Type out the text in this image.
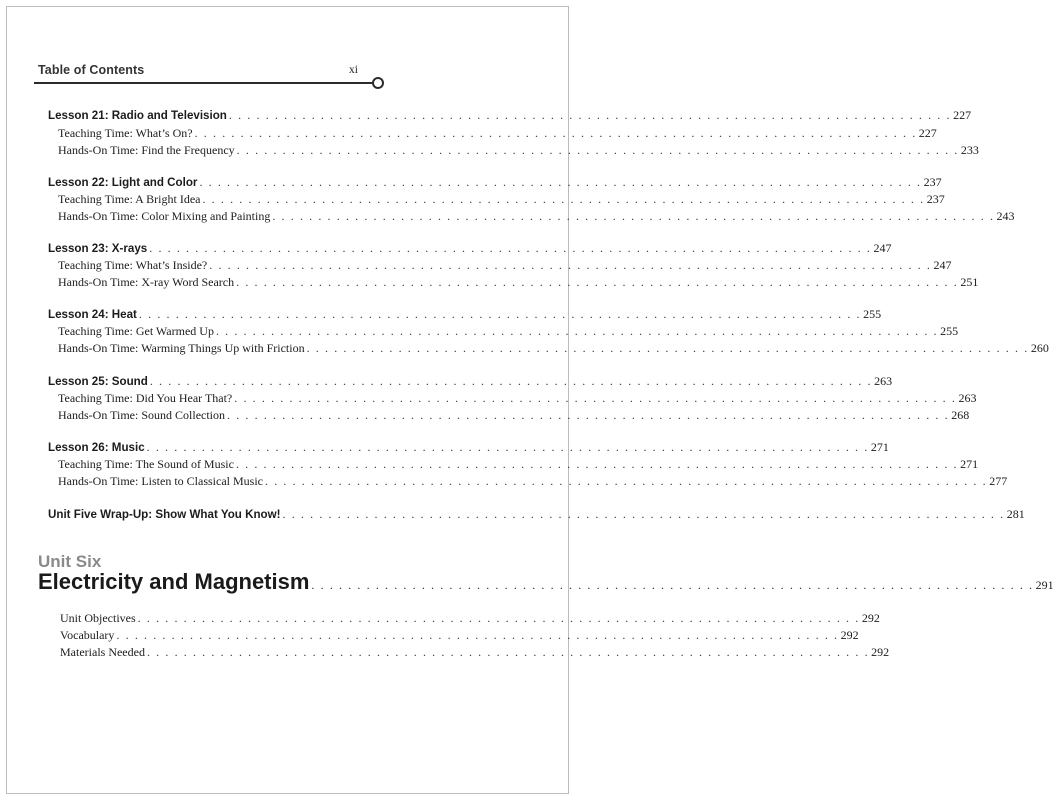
Table of Contents	xi
Lesson 21: Radio and Television . . . . . . . . . . . . . . . . . . . . . . . . . . . . . . . . . . . . . . . . . . . . . . . . . . . . . . . . . . . . . . . . . . . . . . . . . . . . . . . 227
Teaching Time: What’s On? . . . . . . . . . . . . . . . . . . . . . . . . . . . . . . . . . . . . . . . . . . . . . . . . . . . . . . . . . . . . . . . . . . . . . . . . . . . . . . . 227
Hands-On Time: Find the Frequency . . . . . . . . . . . . . . . . . . . . . . . . . . . . . . . . . . . . . . . . . . . . . . . . . . . . . . . . . . . . . . . . . . . . . . . . . . . . . . . 233
Lesson 22: Light and Color . . . . . . . . . . . . . . . . . . . . . . . . . . . . . . . . . . . . . . . . . . . . . . . . . . . . . . . . . . . . . . . . . . . . . . . . . . . . . . . 237
Teaching Time: A Bright Idea . . . . . . . . . . . . . . . . . . . . . . . . . . . . . . . . . . . . . . . . . . . . . . . . . . . . . . . . . . . . . . . . . . . . . . . . . . . . . . . 237
Hands-On Time: Color Mixing and Painting . . . . . . . . . . . . . . . . . . . . . . . . . . . . . . . . . . . . . . . . . . . . . . . . . . . . . . . . . . . . . . . . . . . . . . . . . . . . . . . 243
Lesson 23: X-rays . . . . . . . . . . . . . . . . . . . . . . . . . . . . . . . . . . . . . . . . . . . . . . . . . . . . . . . . . . . . . . . . . . . . . . . . . . . . . . . 247
Teaching Time: What’s Inside? . . . . . . . . . . . . . . . . . . . . . . . . . . . . . . . . . . . . . . . . . . . . . . . . . . . . . . . . . . . . . . . . . . . . . . . . . . . . . . . 247
Hands-On Time: X-ray Word Search . . . . . . . . . . . . . . . . . . . . . . . . . . . . . . . . . . . . . . . . . . . . . . . . . . . . . . . . . . . . . . . . . . . . . . . . . . . . . . . 251
Lesson 24: Heat . . . . . . . . . . . . . . . . . . . . . . . . . . . . . . . . . . . . . . . . . . . . . . . . . . . . . . . . . . . . . . . . . . . . . . . . . . . . . . . 255
Teaching Time: Get Warmed Up . . . . . . . . . . . . . . . . . . . . . . . . . . . . . . . . . . . . . . . . . . . . . . . . . . . . . . . . . . . . . . . . . . . . . . . . . . . . . . . 255
Hands-On Time: Warming Things Up with Friction . . . . . . . . . . . . . . . . . . . . . . . . . . . . . . . . . . . . . . . . . . . . . . . . . . . . . . . . . . . . . . . . . . . . . . . . . . . . . . . 260
Lesson 25: Sound . . . . . . . . . . . . . . . . . . . . . . . . . . . . . . . . . . . . . . . . . . . . . . . . . . . . . . . . . . . . . . . . . . . . . . . . . . . . . . . 263
Teaching Time: Did You Hear That? . . . . . . . . . . . . . . . . . . . . . . . . . . . . . . . . . . . . . . . . . . . . . . . . . . . . . . . . . . . . . . . . . . . . . . . . . . . . . . . 263
Hands-On Time: Sound Collection . . . . . . . . . . . . . . . . . . . . . . . . . . . . . . . . . . . . . . . . . . . . . . . . . . . . . . . . . . . . . . . . . . . . . . . . . . . . . . . 268
Lesson 26: Music . . . . . . . . . . . . . . . . . . . . . . . . . . . . . . . . . . . . . . . . . . . . . . . . . . . . . . . . . . . . . . . . . . . . . . . . . . . . . . . 271
Teaching Time: The Sound of Music . . . . . . . . . . . . . . . . . . . . . . . . . . . . . . . . . . . . . . . . . . . . . . . . . . . . . . . . . . . . . . . . . . . . . . . . . . . . . . . 271
Hands-On Time: Listen to Classical Music . . . . . . . . . . . . . . . . . . . . . . . . . . . . . . . . . . . . . . . . . . . . . . . . . . . . . . . . . . . . . . . . . . . . . . . . . . . . . . . 277
Unit Five Wrap-Up: Show What You Know! . . . . . . . . . . . . . . . . . . . . . . . . . . . . . . . . . . . . . . . . . . . . . . . . . . . . . . . . . . . . . . . . . . . . . . . . . . . . . . . 281
Unit Six
Electricity and Magnetism . . . . . . . . . . . . . . . . . . . . . . . . . . . . . . . . . . . . . . . . . . . . . . . . . . . . . . . . . . . . . . . . . . . . . . . . . . . . . . . 291
Unit Objectives . . . . . . . . . . . . . . . . . . . . . . . . . . . . . . . . . . . . . . . . . . . . . . . . . . . . . . . . . . . . . . . . . . . . . . . . . . . . . . . 292
Vocabulary . . . . . . . . . . . . . . . . . . . . . . . . . . . . . . . . . . . . . . . . . . . . . . . . . . . . . . . . . . . . . . . . . . . . . . . . . . . . . . . 292
Materials Needed . . . . . . . . . . . . . . . . . . . . . . . . . . . . . . . . . . . . . . . . . . . . . . . . . . . . . . . . . . . . . . . . . . . . . . . . . . . . . . . 292
